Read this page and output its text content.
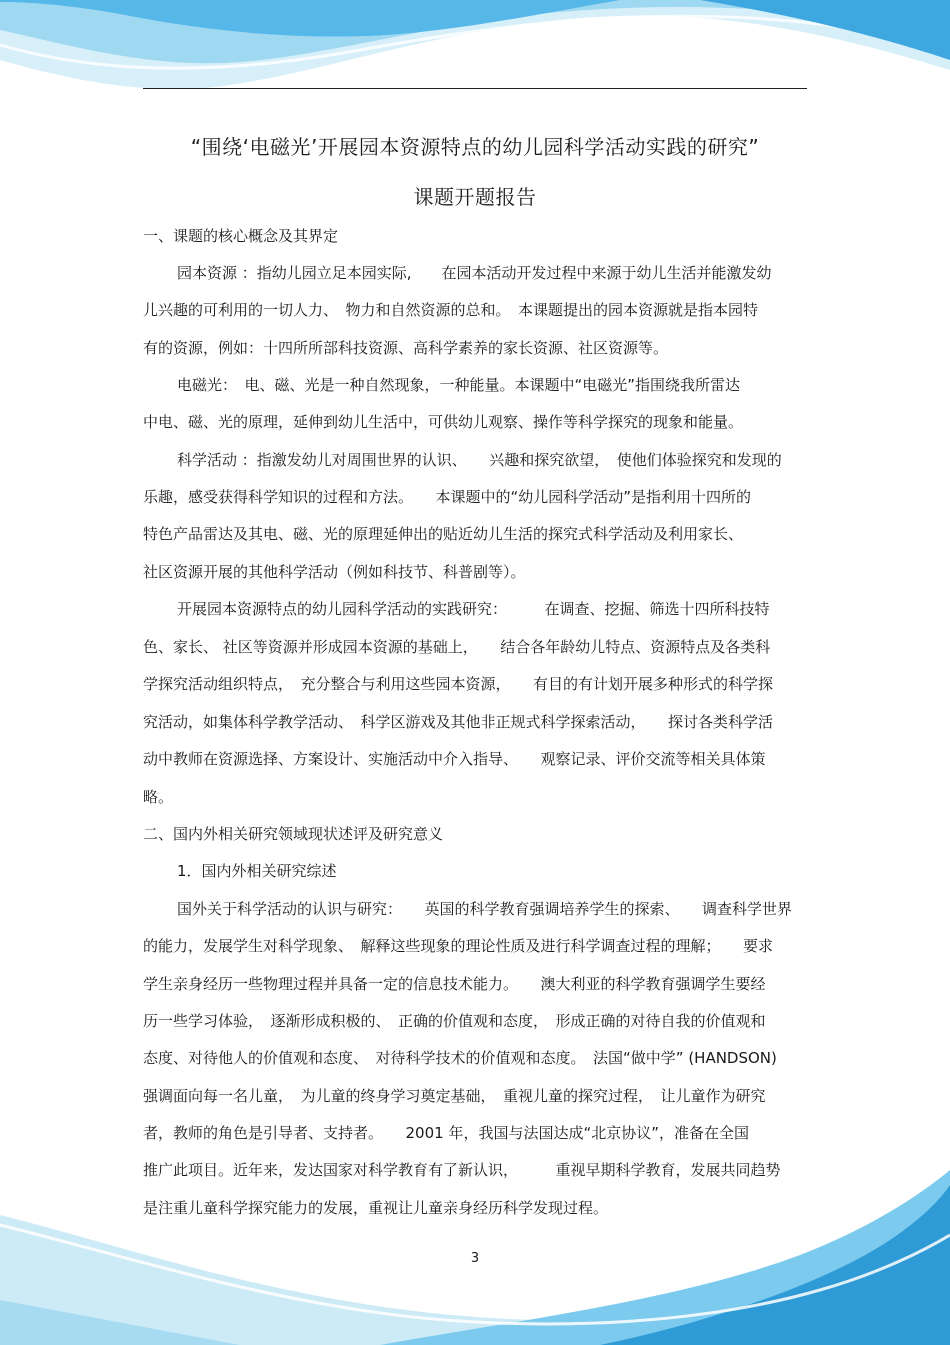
“围绕‘电磁光’开展园本资源特点的幼儿园科学活动实践的研究”
课题开题报告
一、课题的核心概念及其界定
园本资源 ：指幼儿园立足本园实际,　　在园本活动开发过程中来源于幼儿生活并能激发幼
儿兴趣的可利用的一切人力、　物力和自然资源的总和。　本课题提出的园本资源就是指本园特
有的资源，例如：十四所所部科技资源、高科学素养的家长资源、社区资源等。
电磁光：　电、磁、光是一种自然现象，一种能量。本课题中“电磁光”指围绕我所雷达
中电、磁、光的原理，延伸到幼儿生活中，可供幼儿观察、操作等科学探究的现象和能量。
科学活动 ：指激发幼儿对周围世界的认识、　　兴趣和探究欲望，　使他们体验探究和发现的
乐趣，感受获得科学知识的过程和方法。　　本课题中的“幼儿园科学活动”是指利用十四所的
特色产品雷达及其电、磁、光的原理延伸出的贴近幼儿生活的探究式科学活动及利用家长、
社区资源开展的其他科学活动（例如科技节、科普剧等）。
开展园本资源特点的幼儿园科学活动的实践研究：　　　在调查、挖掘、筛选十四所科技特
色、家长、 社区等资源并形成园本资源的基础上，　　结合各年龄幼儿特点、资源特点及各类科
学探究活动组织特点，　充分整合与利用这些园本资源，　　有目的有计划开展多种形式的科学探
究活动，如集体科学教学活动、　科学区游戏及其他非正规式科学探索活动，　　探讨各类科学活
动中教师在资源选择、方案设计、实施活动中介入指导、　　观察记录、评价交流等相关具体策
略。
二、国内外相关研究领域现状述评及研究意义
1．国内外相关研究综述
国外关于科学活动的认识与研究：　　英国的科学教育强调培养学生的探索、　　调查科学世界
的能力，发展学生对科学现象、　解释这些现象的理论性质及进行科学调查过程的理解；　　要求
学生亲身经历一些物理过程并具备一定的信息技术能力。　　澳大利亚的科学教育强调学生要经
历一些学习体验，　逐渐形成积极的、　正确的价值观和态度，　形成正确的对待自我的价值观和
态度、对待他人的价值观和态度、　对待科学技术的价值观和态度。　法国“做中学” (HANDSON)
强调面向每一名儿童，　为儿童的终身学习奠定基础，　重视儿童的探究过程，　让儿童作为研究
者，教师的角色是引导者、支持者。　　2001 年，我国与法国达成“北京协议”，准备在全国
推广此项目。近年来，发达国家对科学教育有了新认识，　　　重视早期科学教育，发展共同趋势
是注重儿童科学探究能力的发展，重视让儿童亲身经历科学发现过程。
3
